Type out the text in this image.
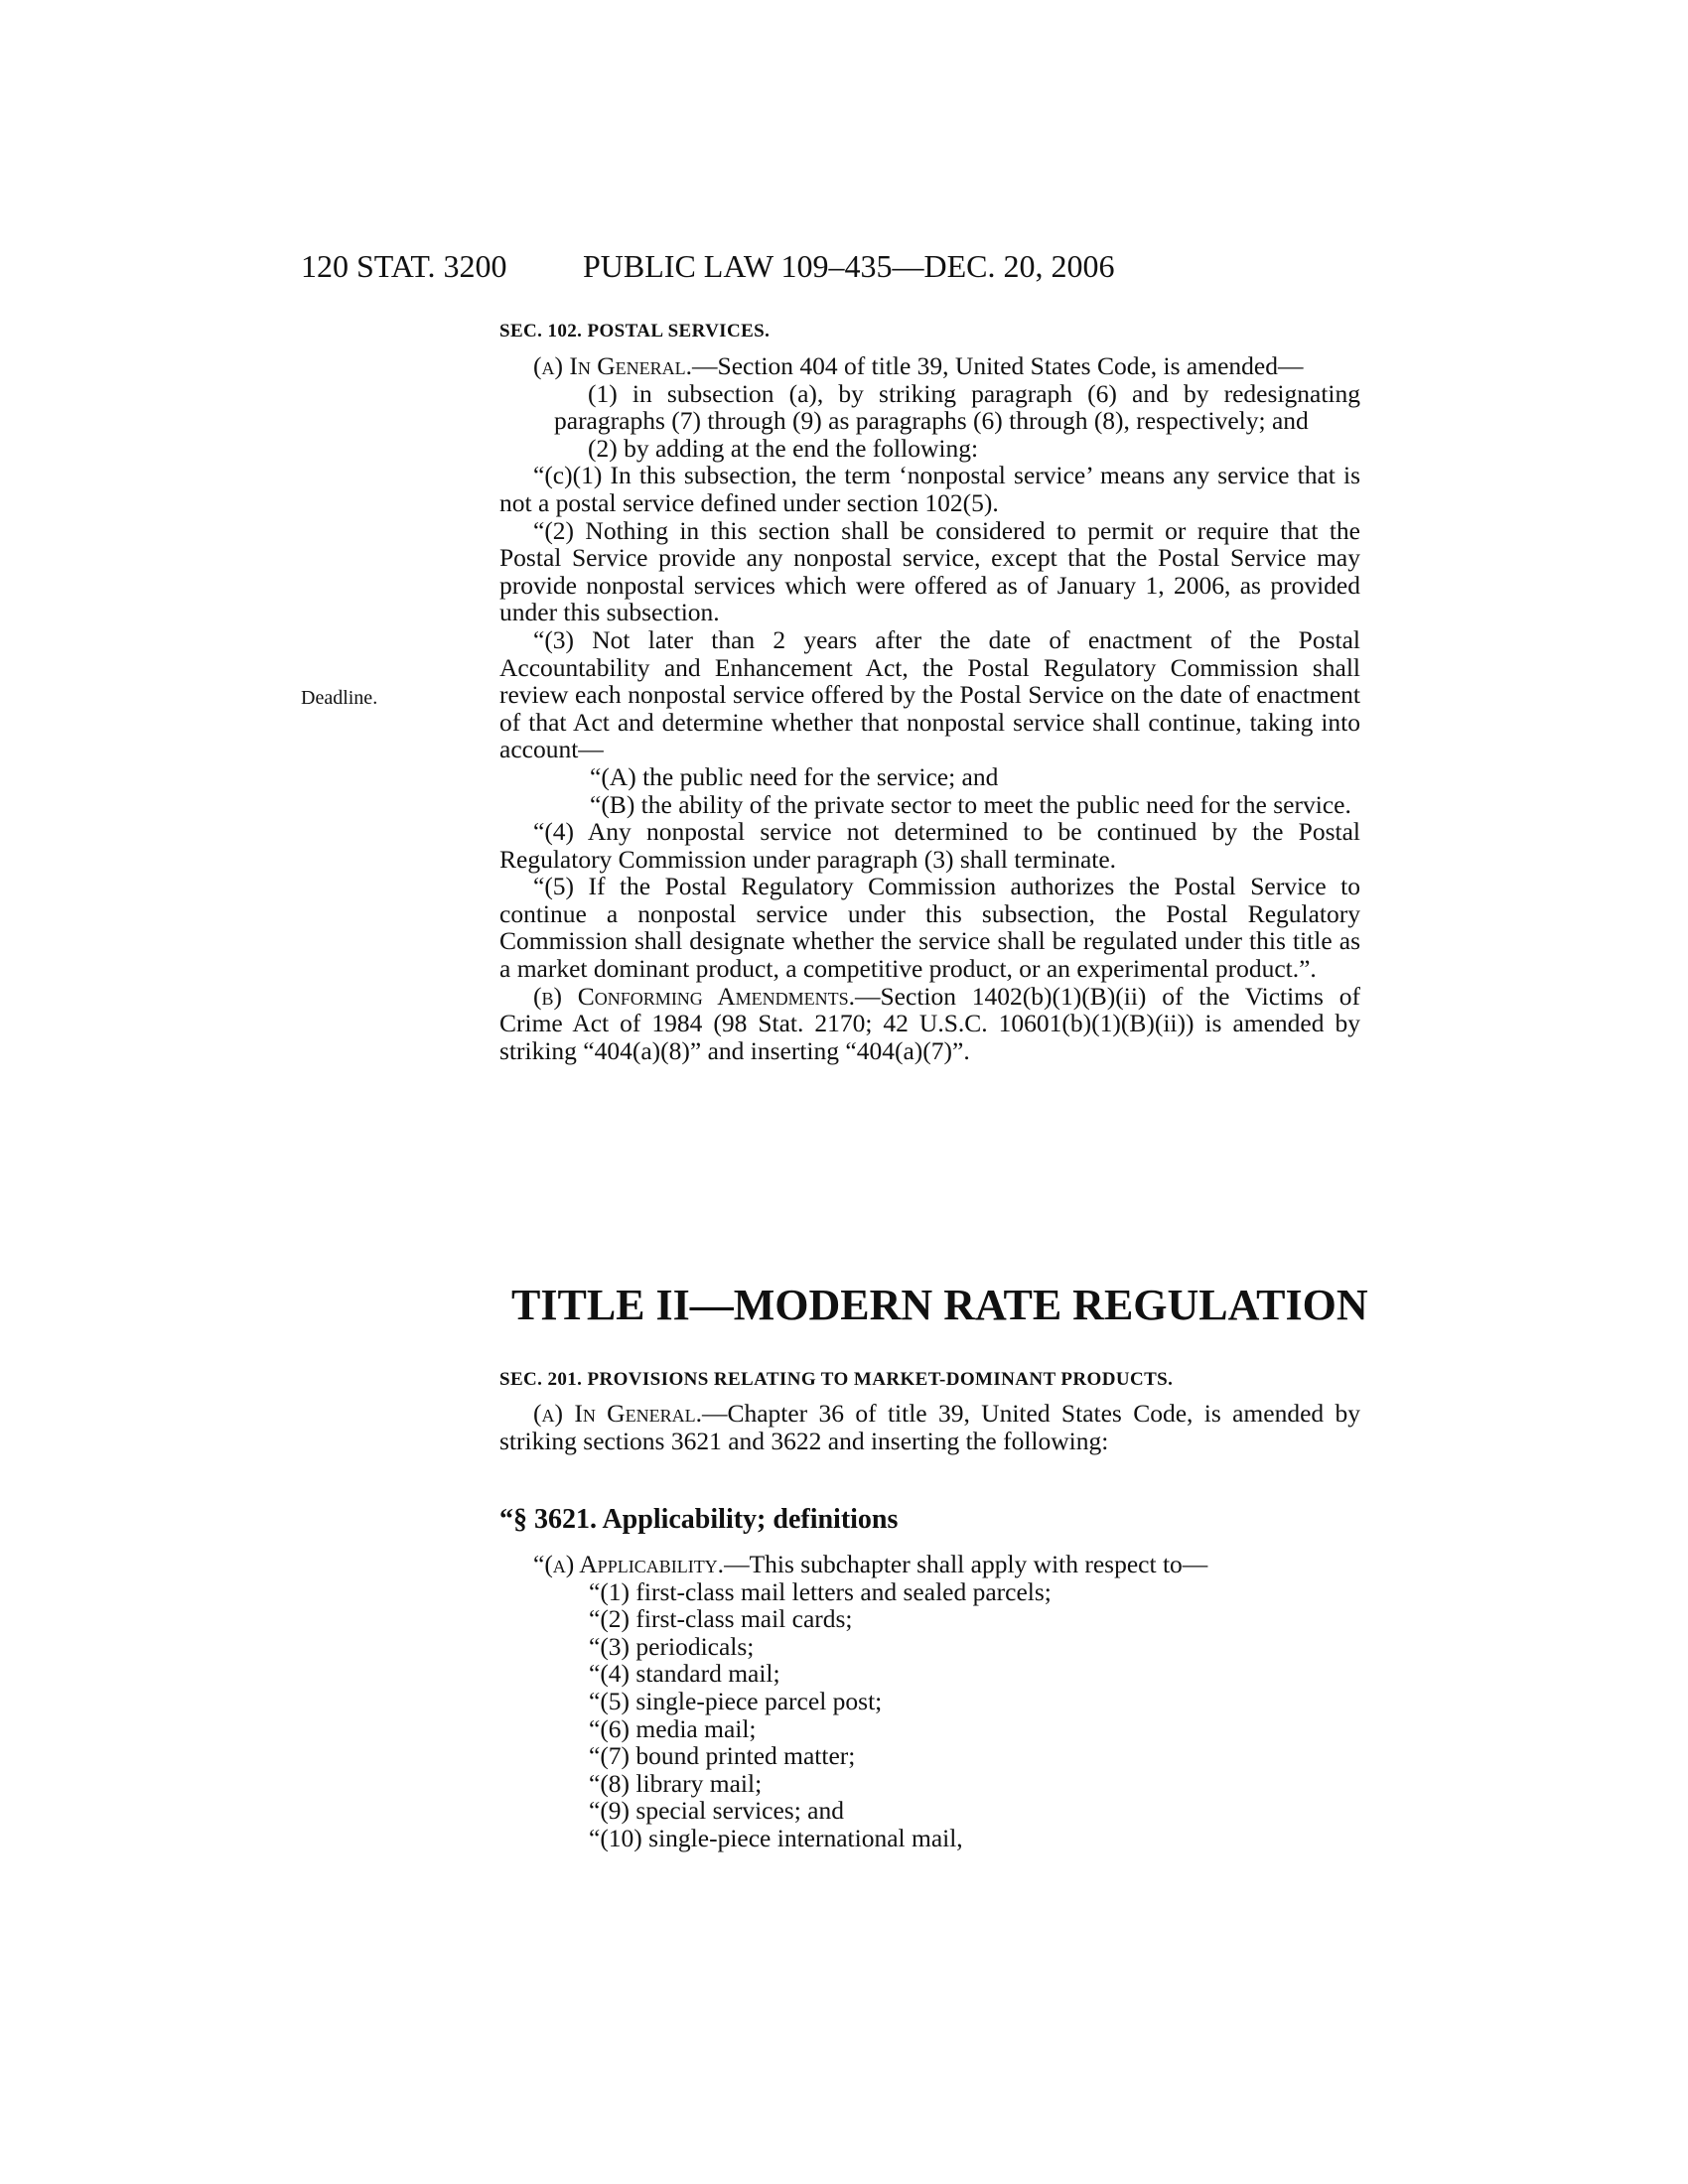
120 STAT. 3200 PUBLIC LAW 109–435—DEC. 20, 2006
Deadline.

SEC. 102. POSTAL SERVICES.

(a) In General.—Section 404 of title 39, United States Code, is amended—

(1) in subsection (a), by striking paragraph (6) and by redesignating paragraphs (7) through (9) as paragraphs (6) through (8), respectively; and

(2) by adding at the end the following:

“(c)(1) In this subsection, the term ‘nonpostal service’ means any service that is not a postal service defined under section 102(5).

“(2) Nothing in this section shall be considered to permit or require that the Postal Service provide any nonpostal service, except that the Postal Service may provide nonpostal services which were offered as of January 1, 2006, as provided under this subsection.

“(3) Not later than 2 years after the date of enactment of the Postal Accountability and Enhancement Act, the Postal Regulatory Commission shall review each nonpostal service offered by the Postal Service on the date of enactment of that Act and determine whether that nonpostal service shall continue, taking into account—

“(A) the public need for the service; and

“(B) the ability of the private sector to meet the public need for the service.

“(4) Any nonpostal service not determined to be continued by the Postal Regulatory Commission under paragraph (3) shall terminate.

“(5) If the Postal Regulatory Commission authorizes the Postal Service to continue a nonpostal service under this subsection, the Postal Regulatory Commission shall designate whether the service shall be regulated under this title as a market dominant product, a competitive product, or an experimental product.”.

(b) Conforming Amendments.—Section 1402(b)(1)(B)(ii) of the Victims of Crime Act of 1984 (98 Stat. 2170; 42 U.S.C. 10601(b)(1)(B)(ii)) is amended by striking “404(a)(8)” and inserting “404(a)(7)”.

TITLE II—MODERN RATE REGULATION

SEC. 201. PROVISIONS RELATING TO MARKET-DOMINANT PRODUCTS.

(a) In General.—Chapter 36 of title 39, United States Code, is amended by striking sections 3621 and 3622 and inserting the following:

“§ 3621. Applicability; definitions

“(a) Applicability.—This subchapter shall apply with respect to—

“(1) first-class mail letters and sealed parcels;

“(2) first-class mail cards;

“(3) periodicals;

“(4) standard mail;

“(5) single-piece parcel post;

“(6) media mail;

“(7) bound printed matter;

“(8) library mail;

“(9) special services; and

“(10) single-piece international mail,
